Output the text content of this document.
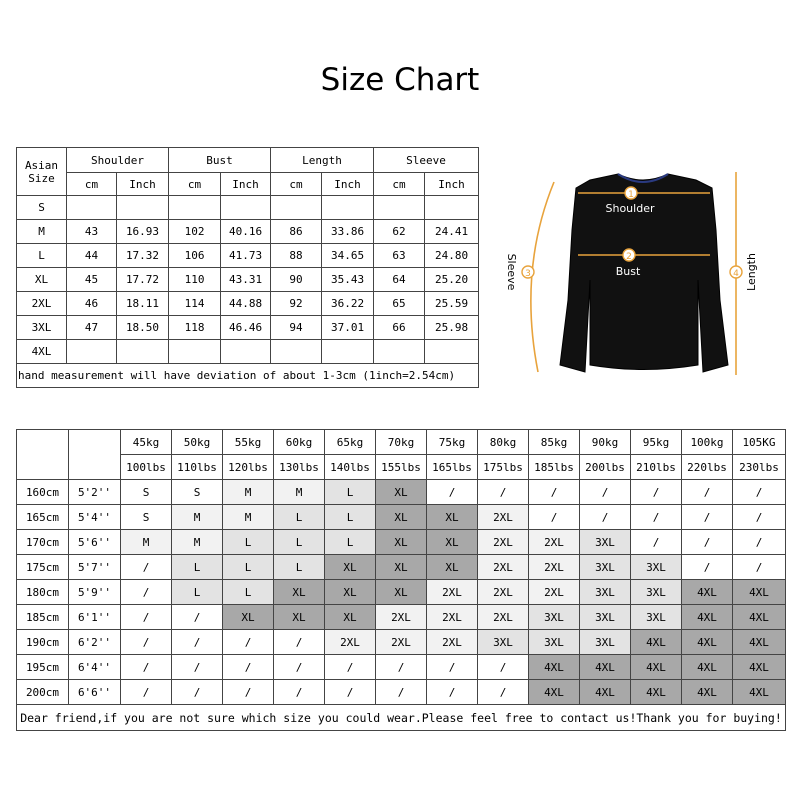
Size Chart
Asian
Size	Shoulder		Bust		Length		Sleeve	
	cm	Inch	cm	Inch	cm	Inch	cm	Inch
S								
M	43	16.93	102	40.16	86	33.86	62	24.41
L	44	17.32	106	41.73	88	34.65	63	24.80
XL	45	17.72	110	43.31	90	35.43	64	25.20
2XL	46	18.11	114	44.88	92	36.22	65	25.59
3XL	47	18.50	118	46.46	94	37.01	66	25.98
4XL								
hand measurement will have deviation of about 1-3cm (1inch=2.54cm)								
1
Shoulder
2
Bust
3
Sleeve	4 Length
		45kg	50kg	55kg	60kg	65kg	70kg	75kg	80kg	85kg	90kg	95kg	100kg	105KG
		100lbs	110lbs	120lbs	130lbs	140lbs	155lbs	165lbs	175lbs	185lbs	200lbs	210lbs	220lbs	230lbs
160cm	5'2''	S	S	M	M	L	XL	/	/	/	/	/	/	/
165cm	5'4''	S	M	M	L	L	XL	XL	2XL	/	/	/	/	/
170cm	5'6''	M	M	L	L	L	XL	XL	2XL	2XL	3XL	/	/	/
175cm	5'7''	/	L	L	L	XL	XL	XL	2XL	2XL	3XL	3XL	/	/
180cm	5'9''	/	L	L	XL	XL	XL	2XL	2XL	2XL	3XL	3XL	4XL	4XL
185cm	6'1''	/	/	XL	XL	XL	2XL	2XL	2XL	3XL	3XL	3XL	4XL	4XL
190cm	6'2''	/	/	/	/	2XL	2XL	2XL	3XL	3XL	3XL	4XL	4XL	4XL
195cm	6'4''	/	/	/	/	/	/	/	/	4XL	4XL	4XL	4XL	4XL
200cm	6'6''	/	/	/	/	/	/	/	/	4XL	4XL	4XL	4XL	4XL
Dear friend,if you are not sure which size you could wear.Please feel free to contact us!Thank you for buying!														
